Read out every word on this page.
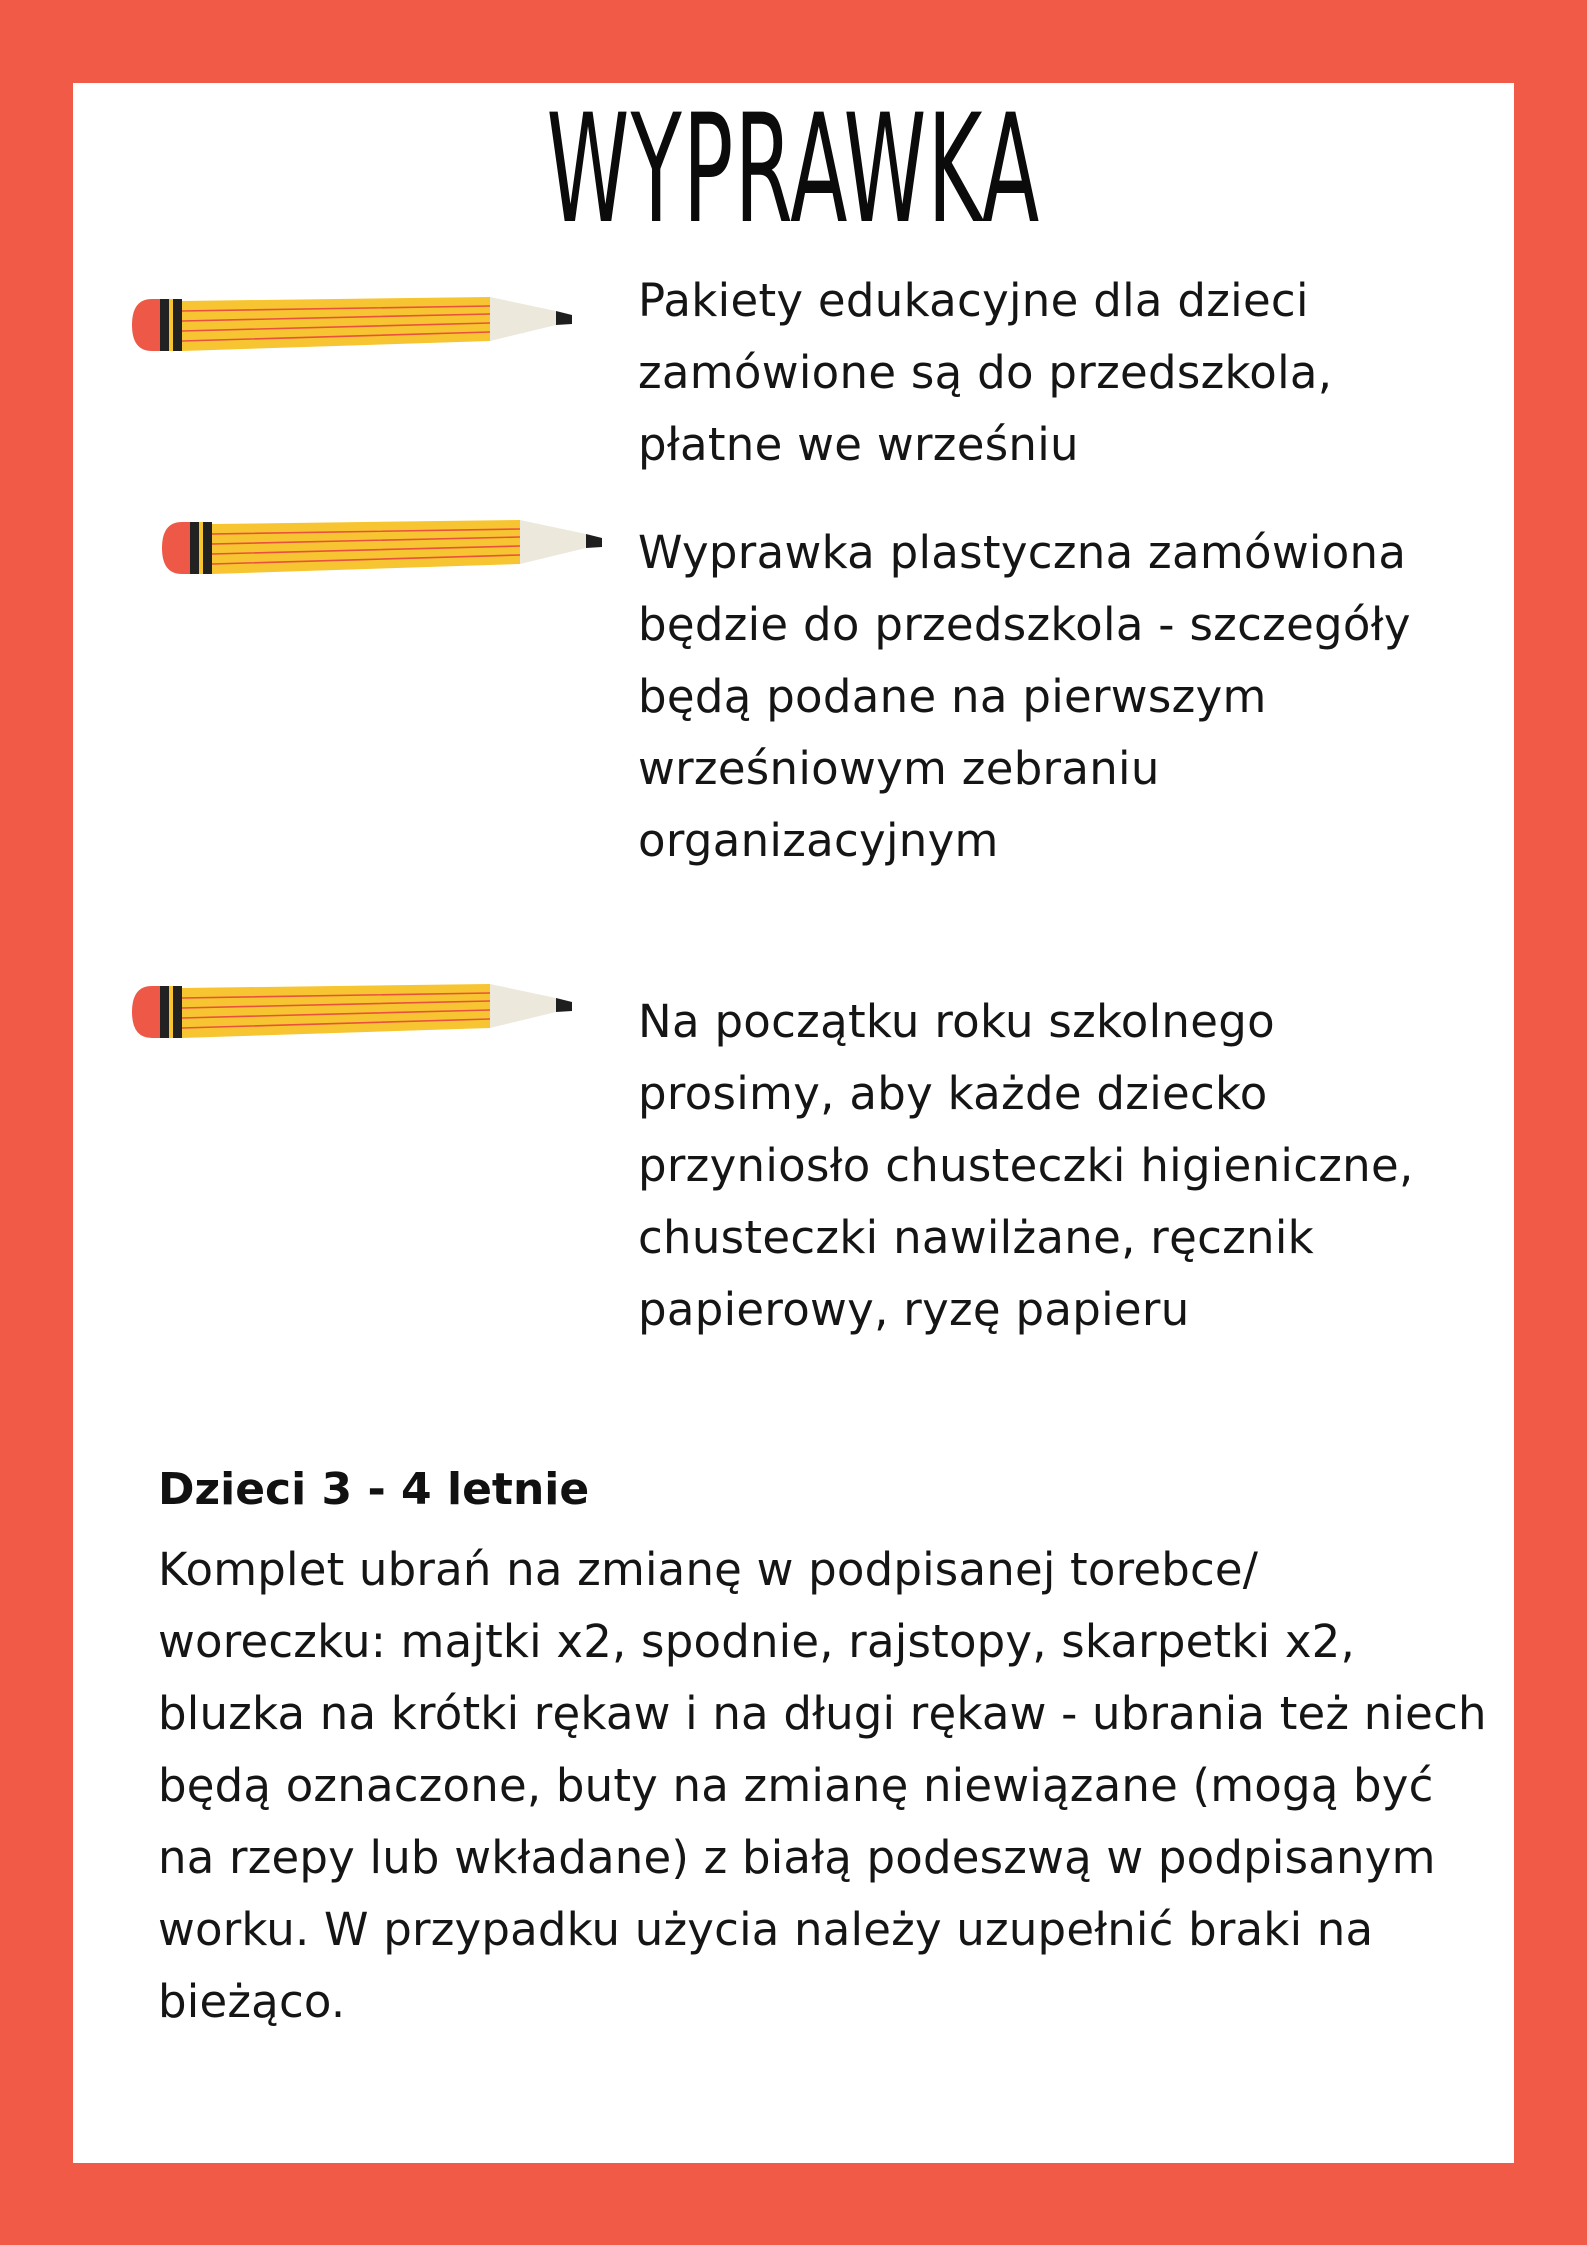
WYPRAWKA

Pakiety edukacyjne dla dzieci zamówione są do przedszkola, płatne we wrześniu

Wyprawka plastyczna zamówiona będzie do przedszkola - szczegóły będą podane na pierwszym wrześniowym zebraniu organizacyjnym

Na początku roku szkolnego prosimy, aby każde dziecko przyniosło chusteczki higieniczne, chusteczki nawilżane, ręcznik papierowy, ryzę papieru

Dzieci 3 - 4 letnie

Komplet ubrań na zmianę w podpisanej torebce/ woreczku: majtki x2, spodnie, rajstopy, skarpetki x2, bluzka na krótki rękaw i na długi rękaw - ubrania też niech będą oznaczone, buty na zmianę niewiązane (mogą być na rzepy lub wkładane) z białą podeszwą w podpisanym worku. W przypadku użycia należy uzupełnić braki na bieżąco.
